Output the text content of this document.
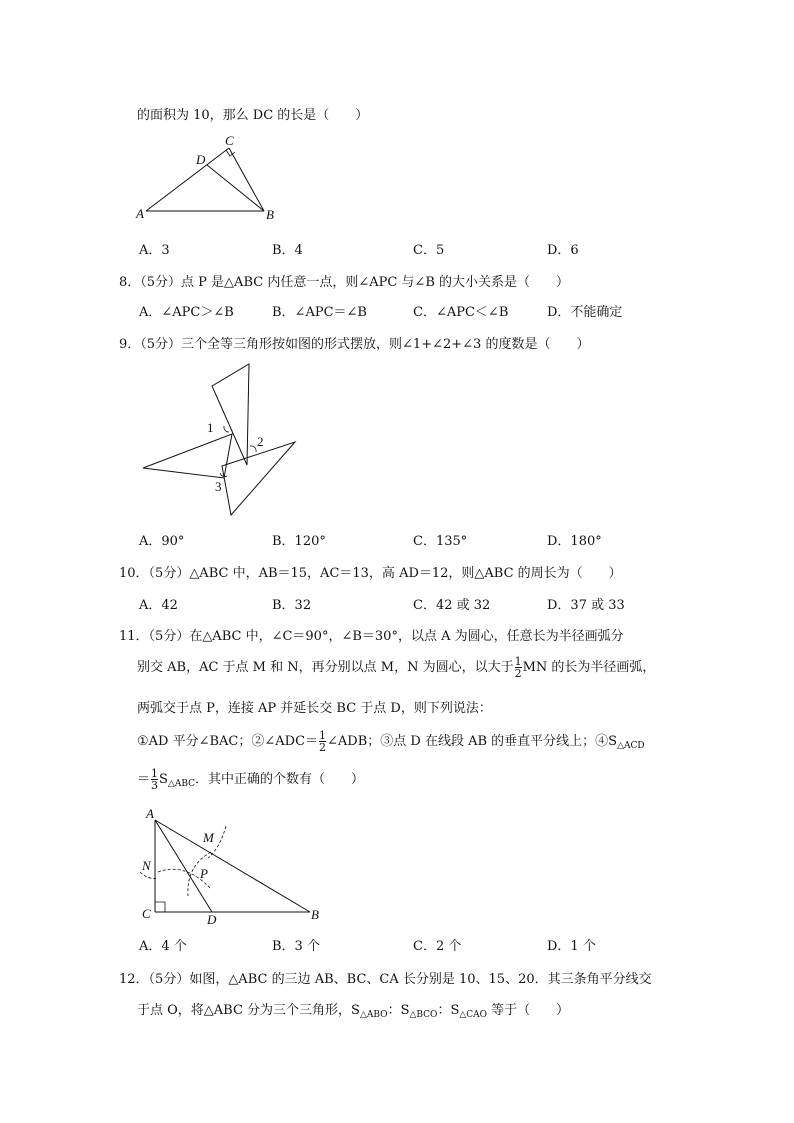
的面积为 10，那么 DC 的长是（　　）
C
D
A	B
A．3	B．4	C．5	D．6
8．（5分）点 P 是△ABC 内任意一点，则∠APC 与∠B 的大小关系是（　　）
A．∠APC＞∠B	B．∠APC＝∠B	C．∠APC＜∠B	D．不能确定
9．（5分）三个全等三角形按如图的形式摆放，则∠1+∠2+∠3 的度数是（　　）
1
2
3
A．90°	B．120°	C．135°	D．180°
10．（5分）△ABC 中，AB＝15，AC＝13，高 AD＝12，则△ABC 的周长为（　　）
A．42	B．32	C．42 或 32	D．37 或 33
11．（5分）在△ABC 中，∠C＝90°，∠B＝30°，以点 A 为圆心，任意长为半径画弧分
别交 AB，AC 于点 M 和 N，再分别以点 M，N 为圆心，以大于 $\frac{1}{2}$ MN 的长为半径画弧，
两弧交于点 P，连接 AP 并延长交 BC 于点 D，则下列说法：
①AD 平分∠BAC；②∠ADC＝ $\frac{1}{2}$ ∠ADB；③点 D 在线段 AB 的垂直平分线上；$④S_{\triangle ACD}$
＝ $\frac{1}{3} S_{\triangle ABC}$．其中正确的个数有（　　）
A
M
N
P
C	D	B
A．4 个	B．3 个	C．2 个	D．1 个
12．（5分）如图，△ABC 的三边 AB、BC、CA 长分别是 10、15、20．其三条角平分线交
于点 O，将△ABC 分为三个三角形，$S_{\triangle ABO}$：$S_{\triangle BCO}$：$S_{\triangle CAO}$ 等于（　　）
